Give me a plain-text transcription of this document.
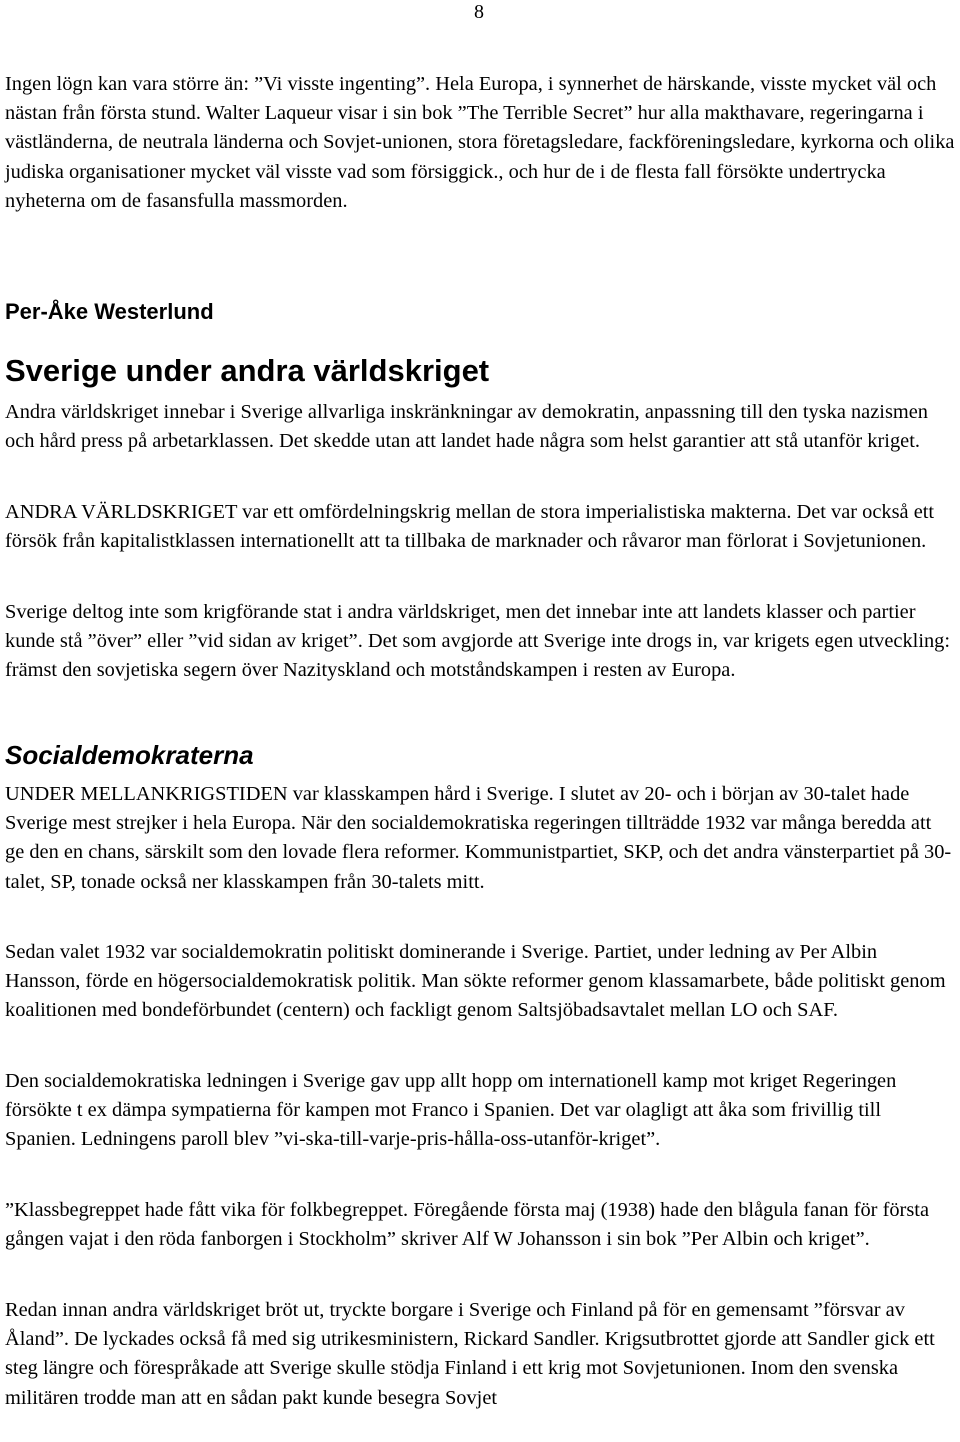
8

Ingen lögn kan vara större än: ”Vi visste ingenting”. Hela Europa, i synnerhet de härskande, visste mycket väl och nästan från första stund. Walter Laqueur visar i sin bok ”The Terrible Secret” hur alla makthavare, regeringarna i västländerna, de neutrala länderna och Sovjet-unionen, stora företagsledare, fackföreningsledare, kyrkorna och olika judiska organisationer mycket väl visste vad som försiggick., och hur de i de flesta fall försökte undertrycka nyheterna om de fasansfulla massmorden.

Per-Åke Westerlund
Sverige under andra världskriget

Andra världskriget innebar i Sverige allvarliga inskränkningar av demokratin, anpassning till den tyska nazismen och hård press på arbetarklassen. Det skedde utan att landet hade några som helst garantier att stå utanför kriget.

ANDRA VÄRLDSKRIGET var ett omfördelningskrig mellan de stora imperialistiska makterna. Det var också ett försök från kapitalistklassen internationellt att ta tillbaka de marknader och råvaror man förlorat i Sovjetunionen.

Sverige deltog inte som krigförande stat i andra världskriget, men det innebar inte att landets klasser och partier kunde stå ”över” eller ”vid sidan av kriget”. Det som avgjorde att Sverige inte drogs in, var krigets egen utveckling: främst den sovjetiska segern över Nazityskland och motståndskampen i resten av Europa.

Socialdemokraterna

UNDER MELLANKRIGSTIDEN var klasskampen hård i Sverige. I slutet av 20- och i början av 30-talet hade Sverige mest strejker i hela Europa. När den socialdemokratiska regeringen tillträdde 1932 var många beredda att ge den en chans, särskilt som den lovade flera reformer. Kommunistpartiet, SKP, och det andra vänsterpartiet på 30-talet, SP, tonade också ner klasskampen från 30-talets mitt.

Sedan valet 1932 var socialdemokratin politiskt dominerande i Sverige. Partiet, under ledning av Per Albin Hansson, förde en högersocialdemokratisk politik. Man sökte reformer genom klassamarbete, både politiskt genom koalitionen med bondeförbundet (centern) och fackligt genom Saltsjöbadsavtalet mellan LO och SAF.

Den socialdemokratiska ledningen i Sverige gav upp allt hopp om internationell kamp mot kriget Regeringen försökte t ex dämpa sympatierna för kampen mot Franco i Spanien. Det var olagligt att åka som frivillig till Spanien. Ledningens paroll blev ”vi-ska-till-varje-pris-hålla-oss-utanför-kriget”.

”Klassbegreppet hade fått vika för folkbegreppet. Föregående första maj (1938) hade den blågula fanan för första gången vajat i den röda fanborgen i Stockholm” skriver Alf W Johansson i sin bok ”Per Albin och kriget”.

Redan innan andra världskriget bröt ut, tryckte borgare i Sverige och Finland på för en gemensamt ”försvar av Åland”. De lyckades också få med sig utrikesministern, Rickard Sandler. Krigsutbrottet gjorde att Sandler gick ett steg längre och förespråkade att Sverige skulle stödja Finland i ett krig mot Sovjetunionen. Inom den svenska militären trodde man att en sådan pakt kunde besegra Sovjet
